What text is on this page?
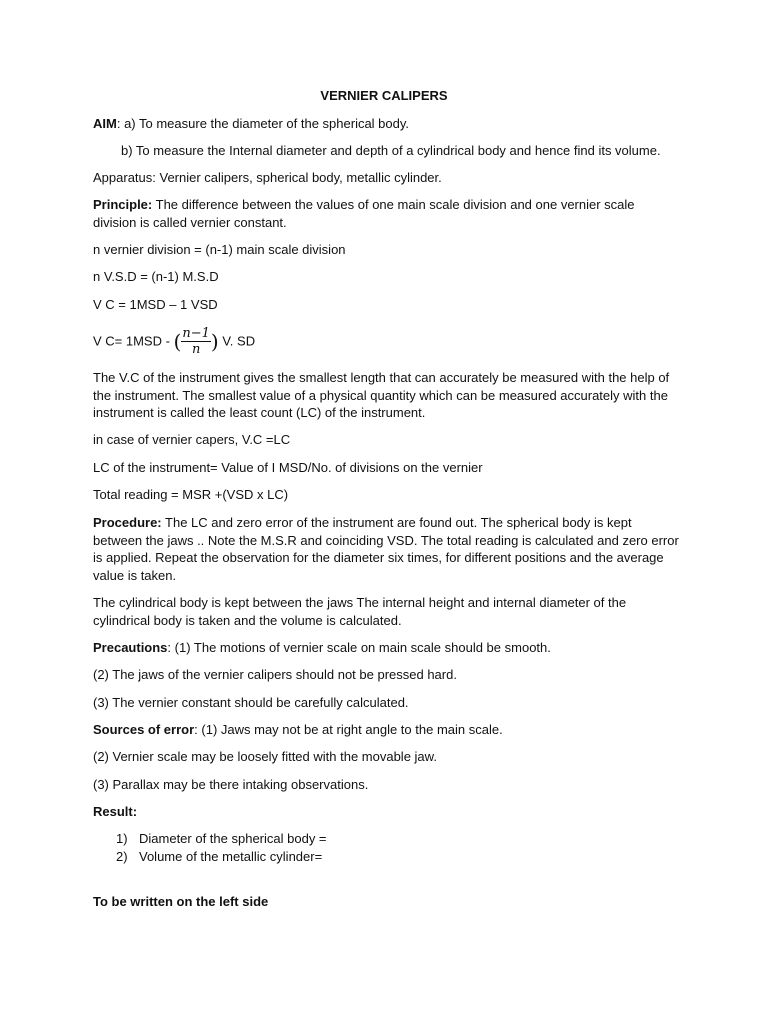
VERNIER CALIPERS
AIM: a) To measure the diameter of the spherical body.
b) To measure the Internal diameter and depth of a cylindrical body and hence find its volume.
Apparatus: Vernier calipers, spherical body, metallic cylinder.
Principle: The difference between the values of one main scale division and one vernier scale division is called vernier constant.
n vernier division = (n-1) main scale division
n V.S.D = (n-1) M.S.D
V C = 1MSD – 1 VSD
V C= 1MSD - ( $\frac{n-1}{n}$ ) V. SD
The V.C of the instrument gives the smallest length that can accurately be measured with the help of the instrument. The smallest value of a physical quantity which can be measured accurately with the instrument is called the least count (LC) of the instrument.
in case of vernier capers, V.C =LC
LC of the instrument= Value of I MSD/No. of divisions on the vernier
Total reading = MSR +(VSD x LC)
Procedure: The LC and zero error of the instrument are found out. The spherical body is kept between the jaws .. Note the M.S.R and coinciding VSD. The total reading is calculated and zero error is applied. Repeat the observation for the diameter six times, for different positions and the average value is taken.
The cylindrical body is kept between the jaws The internal height and internal diameter of the cylindrical body is taken and the volume is calculated.
Precautions: (1) The motions of vernier scale on main scale should be smooth.
(2) The jaws of the vernier calipers should not be pressed hard.
(3) The vernier constant should be carefully calculated.
Sources of error: (1) Jaws may not be at right angle to the main scale.
(2) Vernier scale may be loosely fitted with the movable jaw.
(3) Parallax may be there intaking observations.
Result:
1) Diameter of the spherical body =
2) Volume of the metallic cylinder=
To be written on the left side
